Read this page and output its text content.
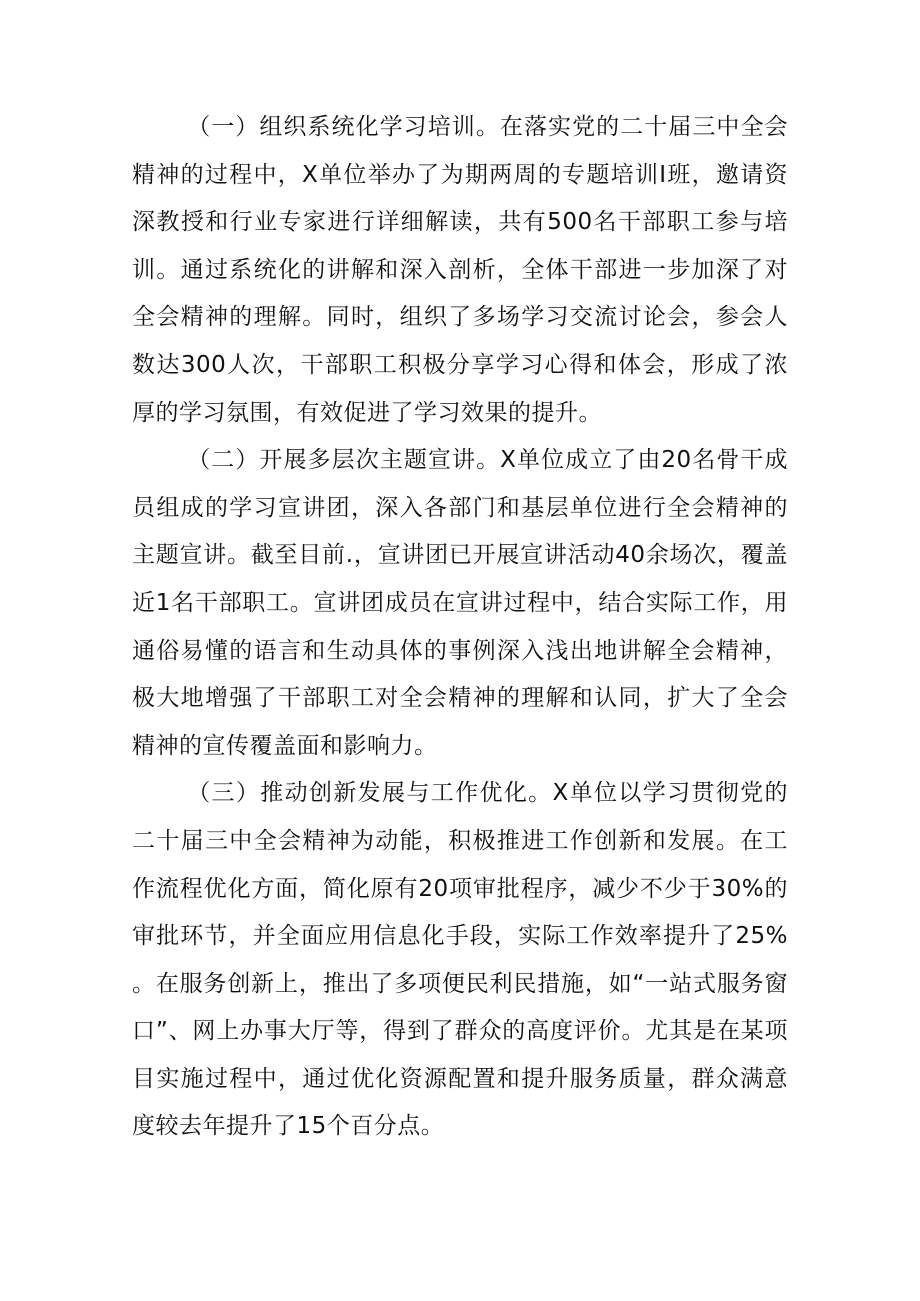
（一）组织系统化学习培训。在落实党的二十届三中全会精神的过程中，X单位举办了为期两周的专题培训I班，邀请资深教授和行业专家进行详细解读，共有500名干部职工参与培训。通过系统化的讲解和深入剖析，全体干部进一步加深了对全会精神的理解。同时，组织了多场学习交流讨论会，参会人数达300人次，干部职工积极分享学习心得和体会，形成了浓厚的学习氛围，有效促进了学习效果的提升。

（二）开展多层次主题宣讲。X单位成立了由20名骨干成员组成的学习宣讲团，深入各部门和基层单位进行全会精神的主题宣讲。截至目前.，宣讲团已开展宣讲活动40余场次，覆盖近1名干部职工。宣讲团成员在宣讲过程中，结合实际工作，用通俗易懂的语言和生动具体的事例深入浅出地讲解全会精神，极大地增强了干部职工对全会精神的理解和认同，扩大了全会精神的宣传覆盖面和影响力。

（三）推动创新发展与工作优化。X单位以学习贯彻党的二十届三中全会精神为动能，积极推进工作创新和发展。在工作流程优化方面，简化原有20项审批程序，减少不少于30%的审批环节，并全面应用信息化手段，实际工作效率提升了25%。在服务创新上，推出了多项便民利民措施，如“一站式服务窗口”、网上办事大厅等，得到了群众的高度评价。尤其是在某项目实施过程中，通过优化资源配置和提升服务质量，群众满意度较去年提升了15个百分点。
